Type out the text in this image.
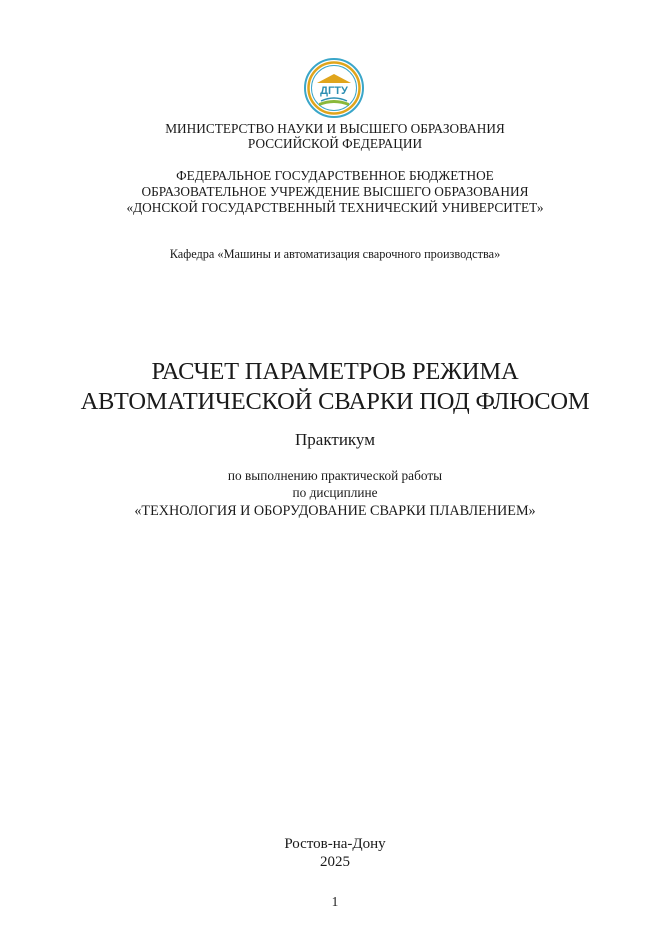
ДГТУ
МИНИСТЕРСТВО НАУКИ И ВЫСШЕГО ОБРАЗОВАНИЯ
РОССИЙСКОЙ ФЕДЕРАЦИИ
ФЕДЕРАЛЬНОЕ ГОСУДАРСТВЕННОЕ БЮДЖЕТНОЕ
ОБРАЗОВАТЕЛЬНОЕ УЧРЕЖДЕНИЕ ВЫСШЕГО ОБРАЗОВАНИЯ
«ДОНСКОЙ ГОСУДАРСТВЕННЫЙ ТЕХНИЧЕСКИЙ УНИВЕРСИТЕТ»
Кафедра «Машины и автоматизация сварочного производства»
РАСЧЕТ ПАРАМЕТРОВ РЕЖИМА
АВТОМАТИЧЕСКОЙ СВАРКИ ПОД ФЛЮСОМ
Практикум
по выполнению практической работы
по дисциплине
«ТЕХНОЛОГИЯ И ОБОРУДОВАНИЕ СВАРКИ ПЛАВЛЕНИЕМ»
Ростов-на-Дону
2025
1
